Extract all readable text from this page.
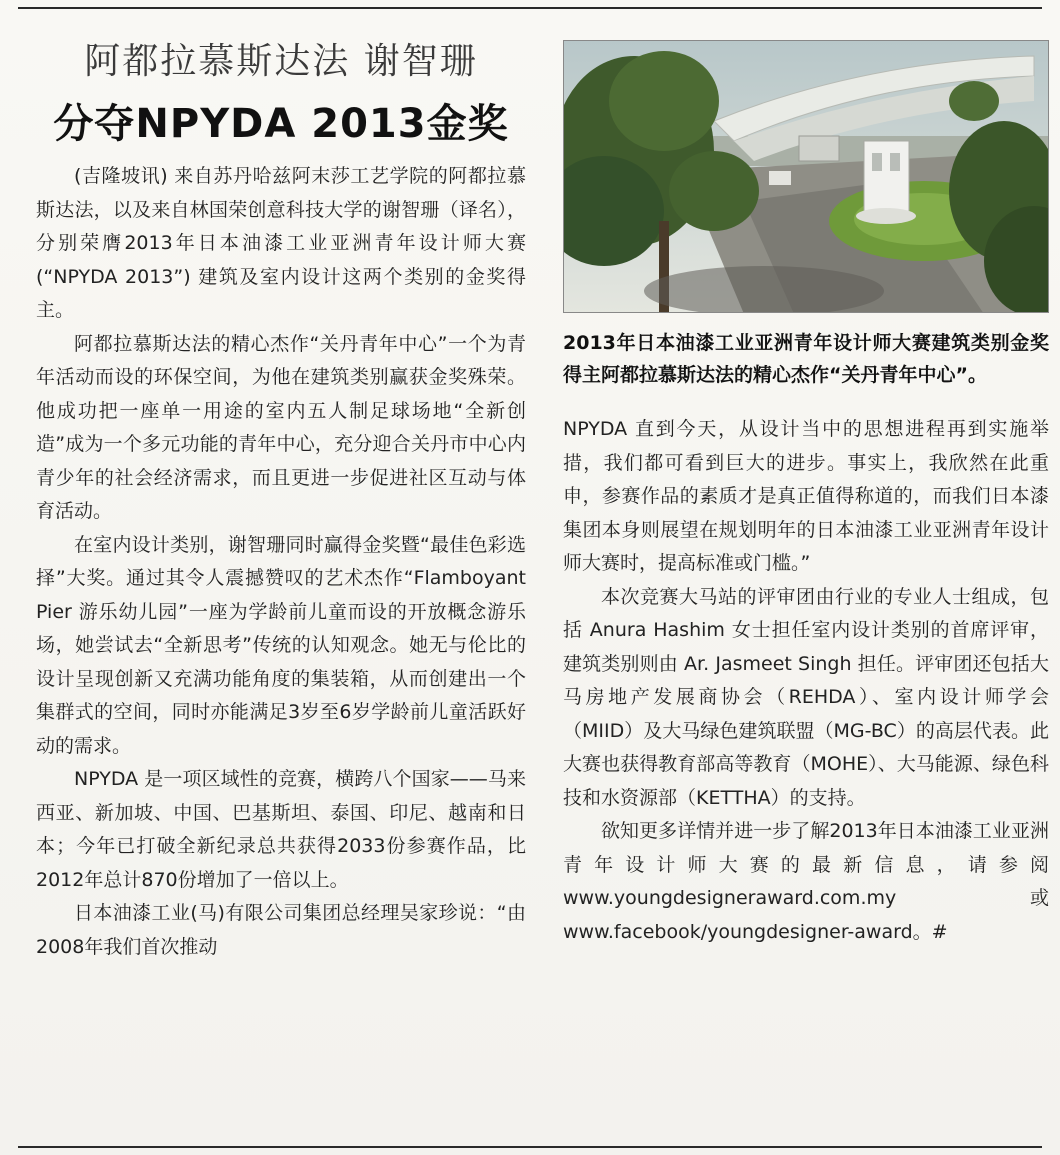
阿都拉慕斯达法 谢智珊
分夺NPYDA 2013金奖

(吉隆坡讯) 来自苏丹哈兹阿末莎工艺学院的阿都拉慕斯达法，以及来自林国荣创意科技大学的谢智珊（译名），分别荣膺2013年日本油漆工业亚洲青年设计师大赛(“NPYDA 2013”) 建筑及室内设计这两个类别的金奖得主。

阿都拉慕斯达法的精心杰作“关丹青年中心”一个为青年活动而设的环保空间，为他在建筑类别赢获金奖殊荣。他成功把一座单一用途的室内五人制足球场地“全新创造”成为一个多元功能的青年中心，充分迎合关丹市中心内青少年的社会经济需求，而且更进一步促进社区互动与体育活动。

在室内设计类别，谢智珊同时赢得金奖暨“最佳色彩选择”大奖。通过其令人震撼赞叹的艺术杰作“Flamboyant Pier 游乐幼儿园”一座为学龄前儿童而设的开放概念游乐场，她尝试去“全新思考”传统的认知观念。她无与伦比的设计呈现创新又充满功能角度的集装箱，从而创建出一个集群式的空间，同时亦能满足3岁至6岁学龄前儿童活跃好动的需求。

NPYDA 是一项区域性的竞赛，横跨八个国家——马来西亚、新加坡、中国、巴基斯坦、泰国、印尼、越南和日本；今年已打破全新纪录总共获得2033份参赛作品，比2012年总计870份增加了一倍以上。

日本油漆工业(马)有限公司集团总经理吴家珍说：“由2008年我们首次推动

2013年日本油漆工业亚洲青年设计师大赛建筑类别金奖得主阿都拉慕斯达法的精心杰作“关丹青年中心”。

NPYDA 直到今天，从设计当中的思想进程再到实施举措，我们都可看到巨大的进步。事实上，我欣然在此重申，参赛作品的素质才是真正值得称道的，而我们日本漆集团本身则展望在规划明年的日本油漆工业亚洲青年设计师大赛时，提高标准或门槛。”

本次竞赛大马站的评审团由行业的专业人士组成，包括 Anura Hashim 女士担任室内设计类别的首席评审，建筑类别则由 Ar. Jasmeet Singh 担任。评审团还包括大马房地产发展商协会（REHDA）、室内设计师学会（MIID）及大马绿色建筑联盟（MG-BC）的高层代表。此大赛也获得教育部高等教育（MOHE）、大马能源、绿色科技和水资源部（KETTHA）的支持。

欲知更多详情并进一步了解2013年日本油漆工业亚洲青年设计师大赛的最新信息，请参阅 www.youngdesigneraward.com.my 或 www.facebook/youngdesigner-award。#
